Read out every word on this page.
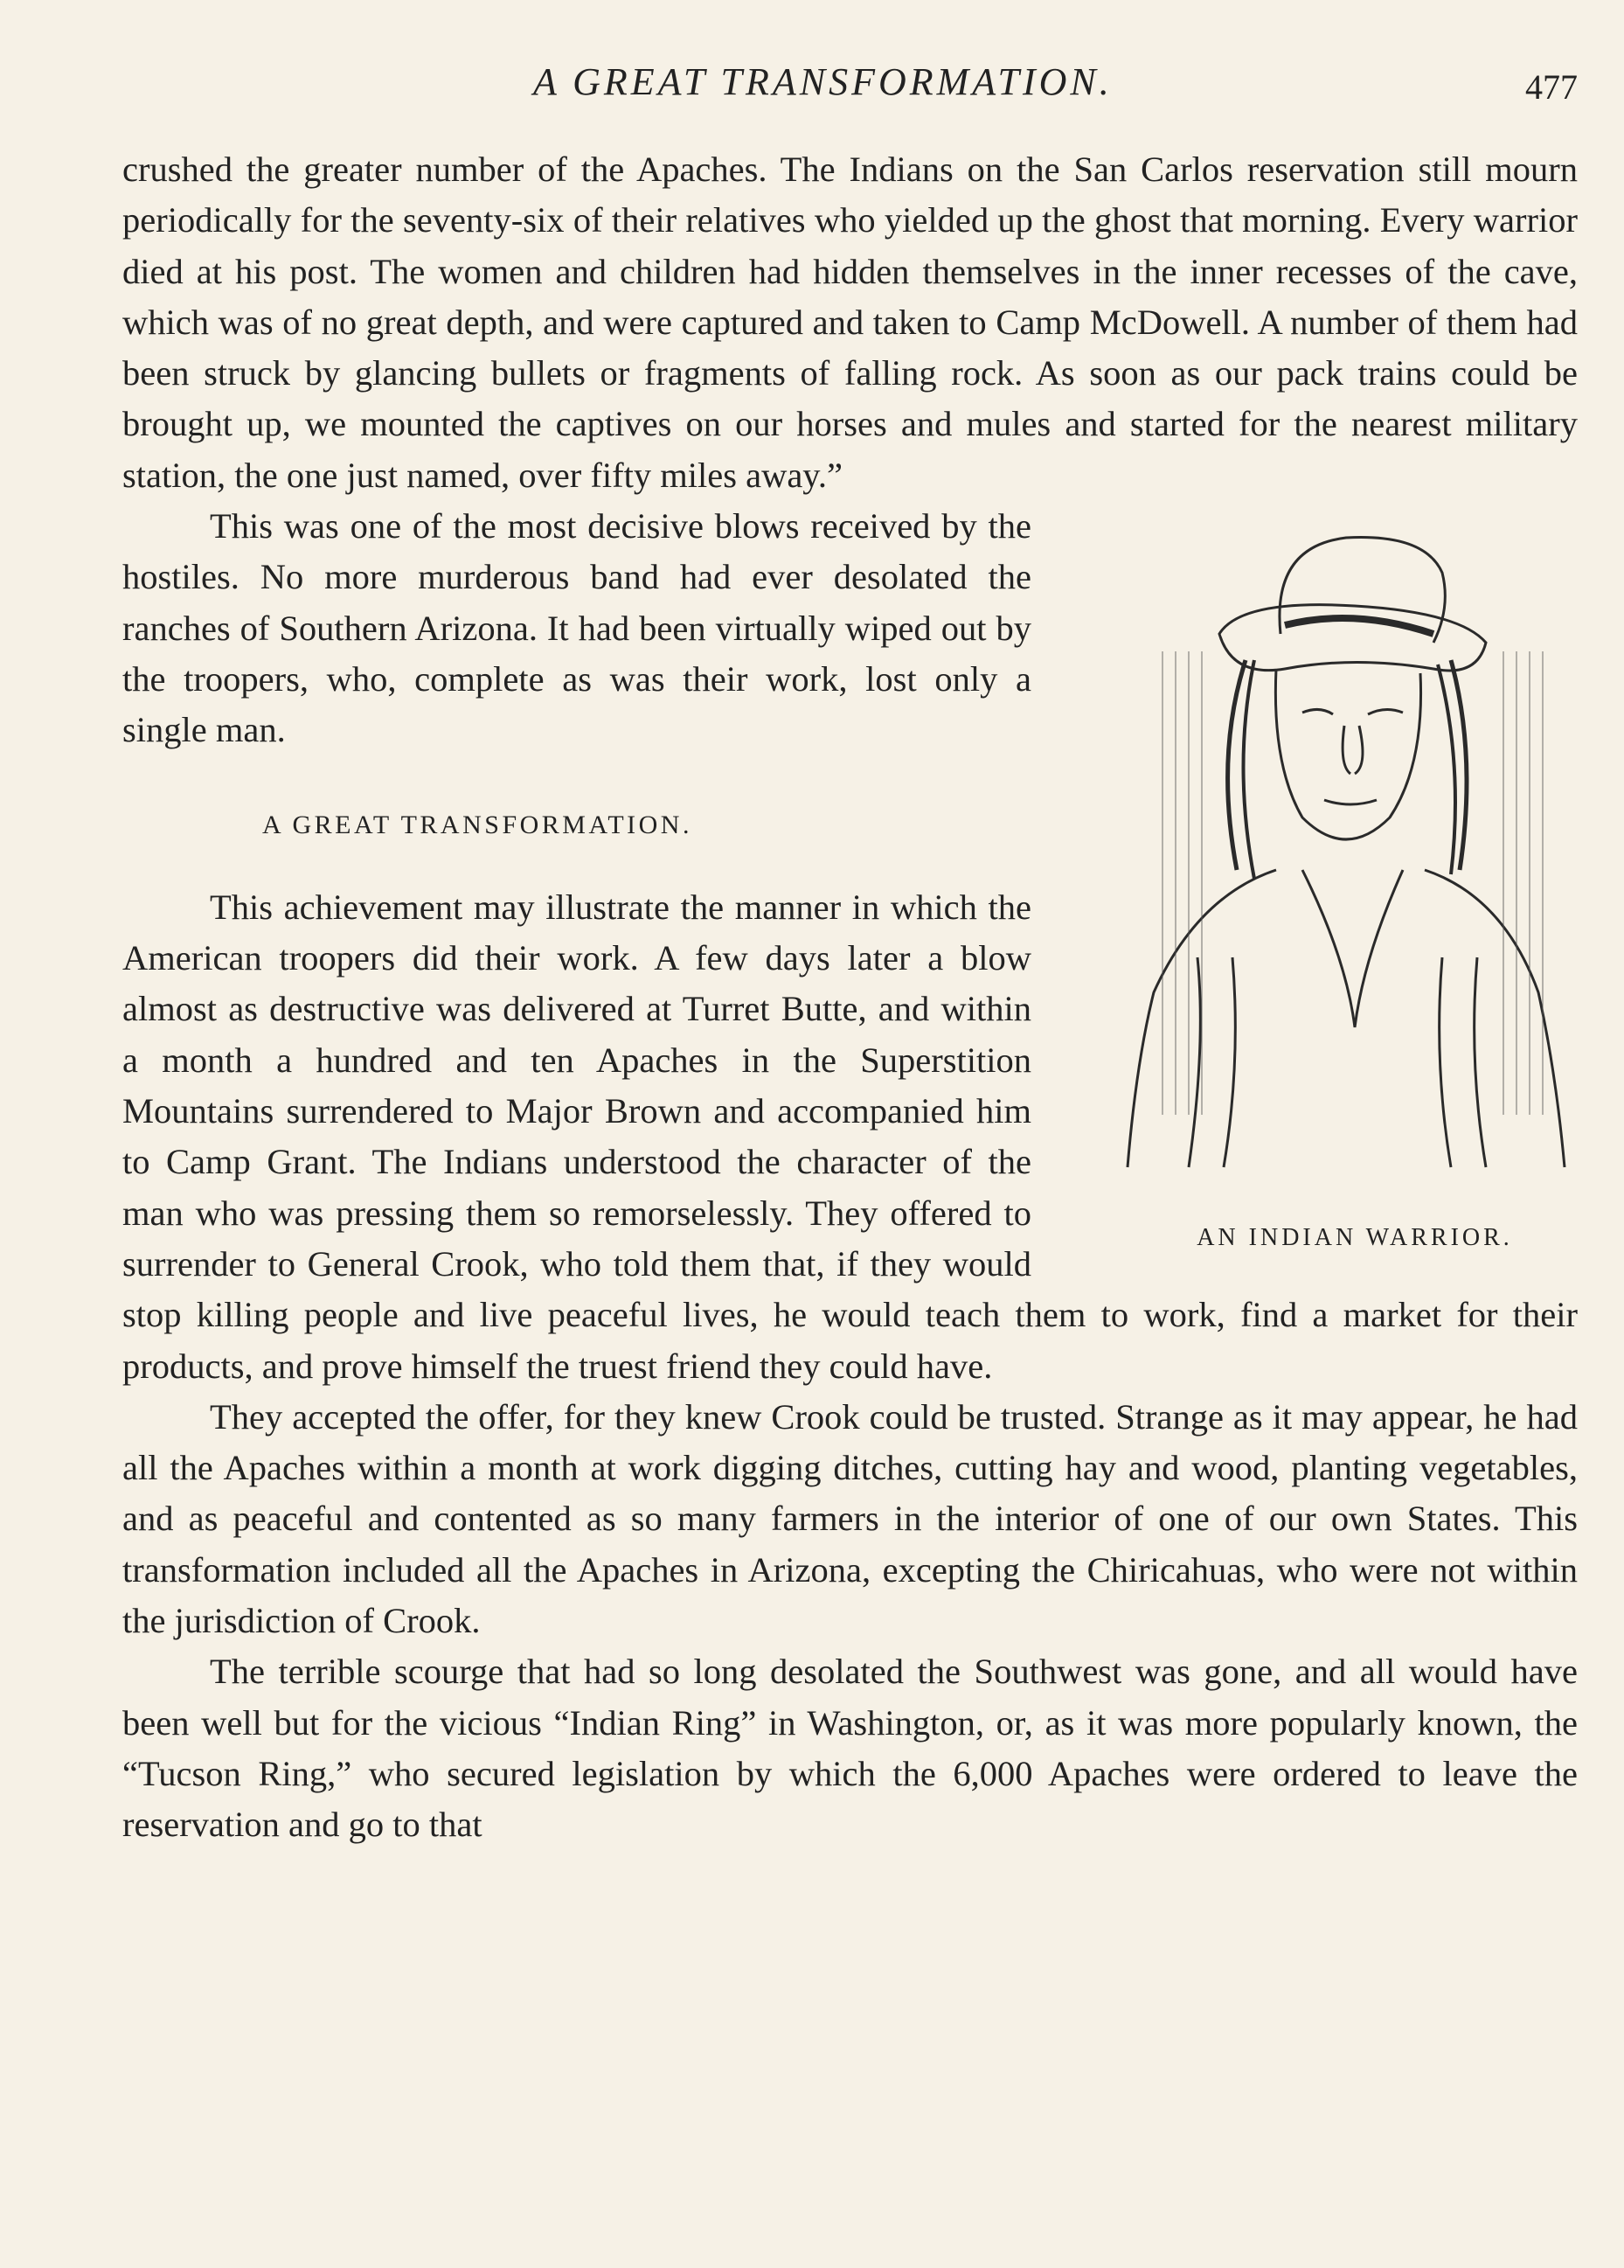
A GREAT TRANSFORMATION.	477

crushed the greater number of the Apaches. The Indians on the San Carlos reservation still mourn periodically for the seventy-six of their relatives who yielded up the ghost that morning. Every warrior died at his post. The women and children had hidden themselves in the inner recesses of the cave, which was of no great depth, and were captured and taken to Camp McDowell. A number of them had been struck by glancing bullets or fragments of falling rock. As soon as our pack trains could be brought up, we mounted the captives on our horses and mules and started for the nearest military station, the one just named, over fifty miles away.”

AN INDIAN WARRIOR.

This was one of the most decisive blows received by the hostiles. No more murderous band had ever desolated the ranches of Southern Arizona. It had been virtually wiped out by the troopers, who, complete as was their work, lost only a single man.

A GREAT TRANSFORMATION.

This achievement may illustrate the manner in which the American troopers did their work. A few days later a blow almost as destructive was delivered at Turret Butte, and within a month a hundred and ten Apaches in the Superstition Mountains surrendered to Major Brown and accompanied him to Camp Grant. The Indians understood the character of the man who was pressing them so remorselessly. They offered to surrender to General Crook, who told them that, if they would stop killing people and live peaceful lives, he would teach them to work, find a market for their products, and prove himself the truest friend they could have.

They accepted the offer, for they knew Crook could be trusted. Strange as it may appear, he had all the Apaches within a month at work digging ditches, cutting hay and wood, planting vegetables, and as peaceful and contented as so many farmers in the interior of one of our own States. This transformation included all the Apaches in Arizona, excepting the Chiricahuas, who were not within the jurisdiction of Crook.

The terrible scourge that had so long desolated the Southwest was gone, and all would have been well but for the vicious “Indian Ring” in Washington, or, as it was more popularly known, the “Tucson Ring,” who secured legislation by which the 6,000 Apaches were ordered to leave the reservation and go to that
